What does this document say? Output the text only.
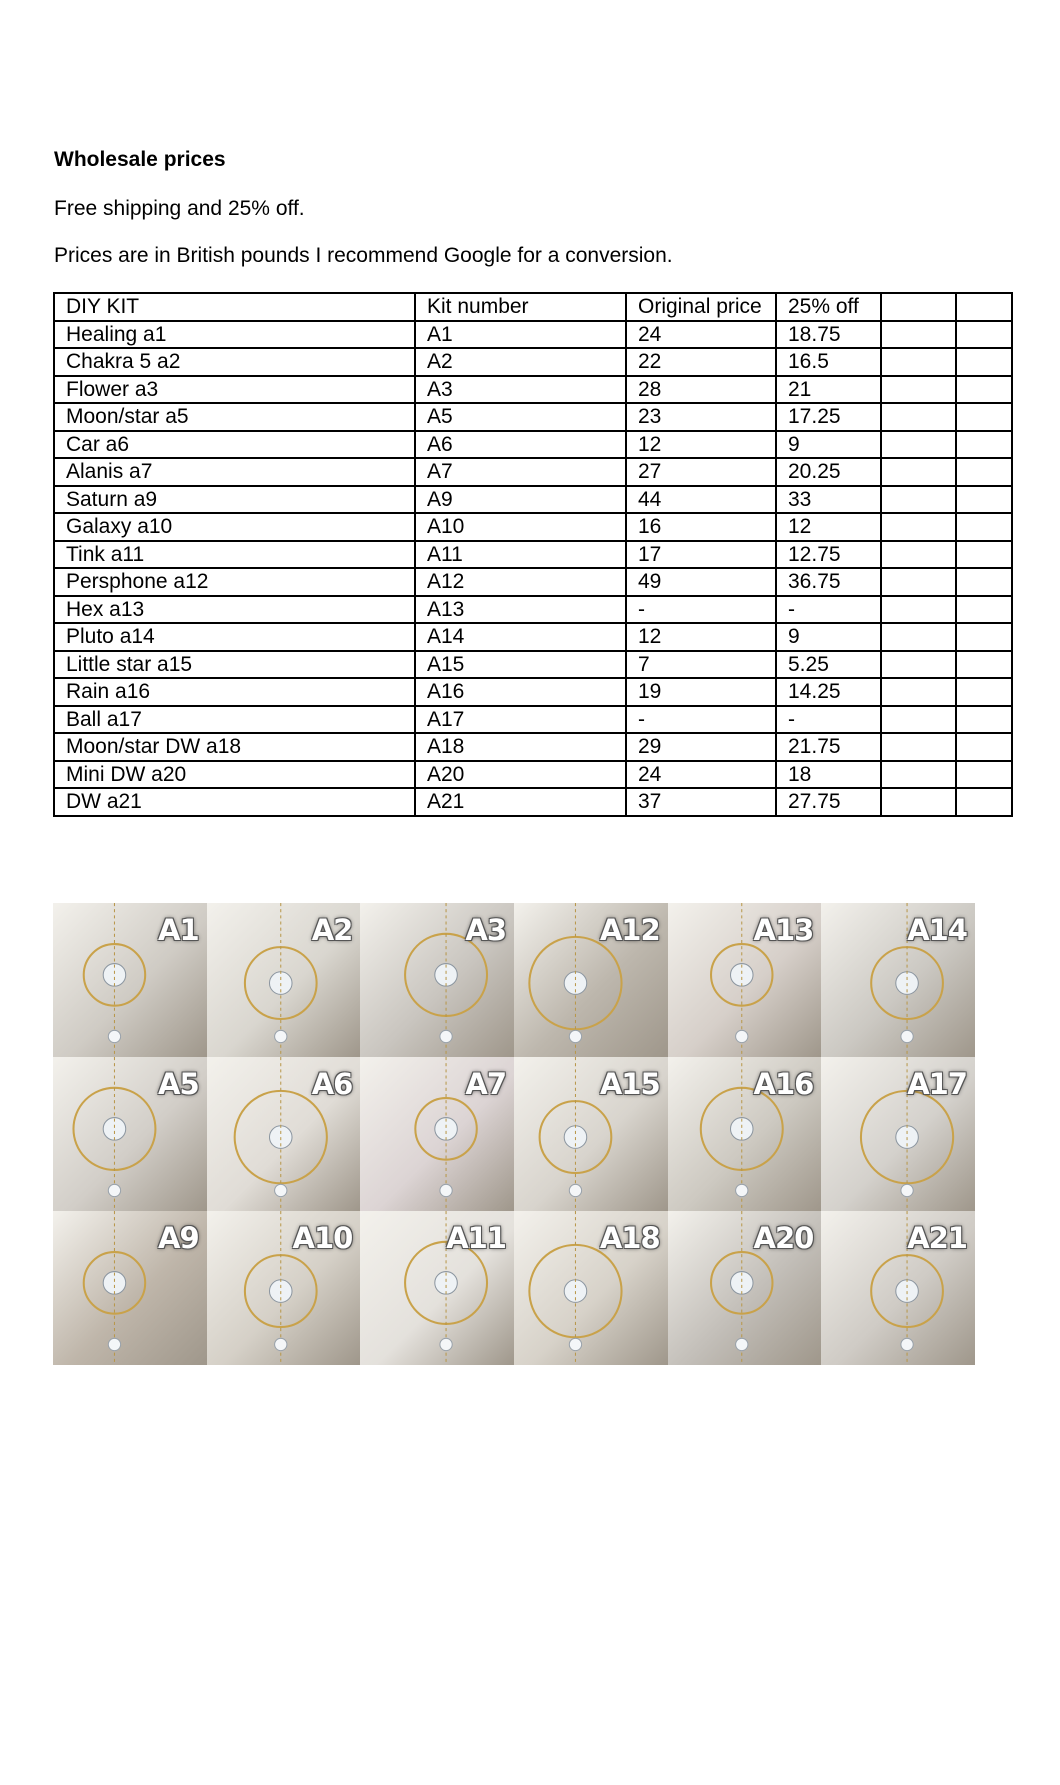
Wholesale prices
Free shipping and 25% off.
Prices are in British pounds I recommend Google for a conversion.
DIY KIT	Kit number	Original price	25% off		
Healing a1	A1	24	18.75		
Chakra 5 a2	A2	22	16.5		
Flower a3	A3	28	21		
Moon/star a5	A5	23	17.25		
Car a6	A6	12	9		
Alanis a7	A7	27	20.25		
Saturn a9	A9	44	33		
Galaxy a10	A10	16	12		
Tink a11	A11	17	12.75		
Persphone a12	A12	49	36.75		
Hex a13	A13	-	-		
Pluto a14	A14	12	9		
Little star a15	A15	7	5.25		
Rain a16	A16	19	14.25		
Ball a17	A17	-	-		
Moon/star DW a18	A18	29	21.75		
Mini DW a20	A20	24	18		
DW a21	A21	37	27.75		
A1	A2	A3	A12	A13	A14
A5	A6	A7	A15	A16	A17
A9	A10	A11	A18	A20	A21
